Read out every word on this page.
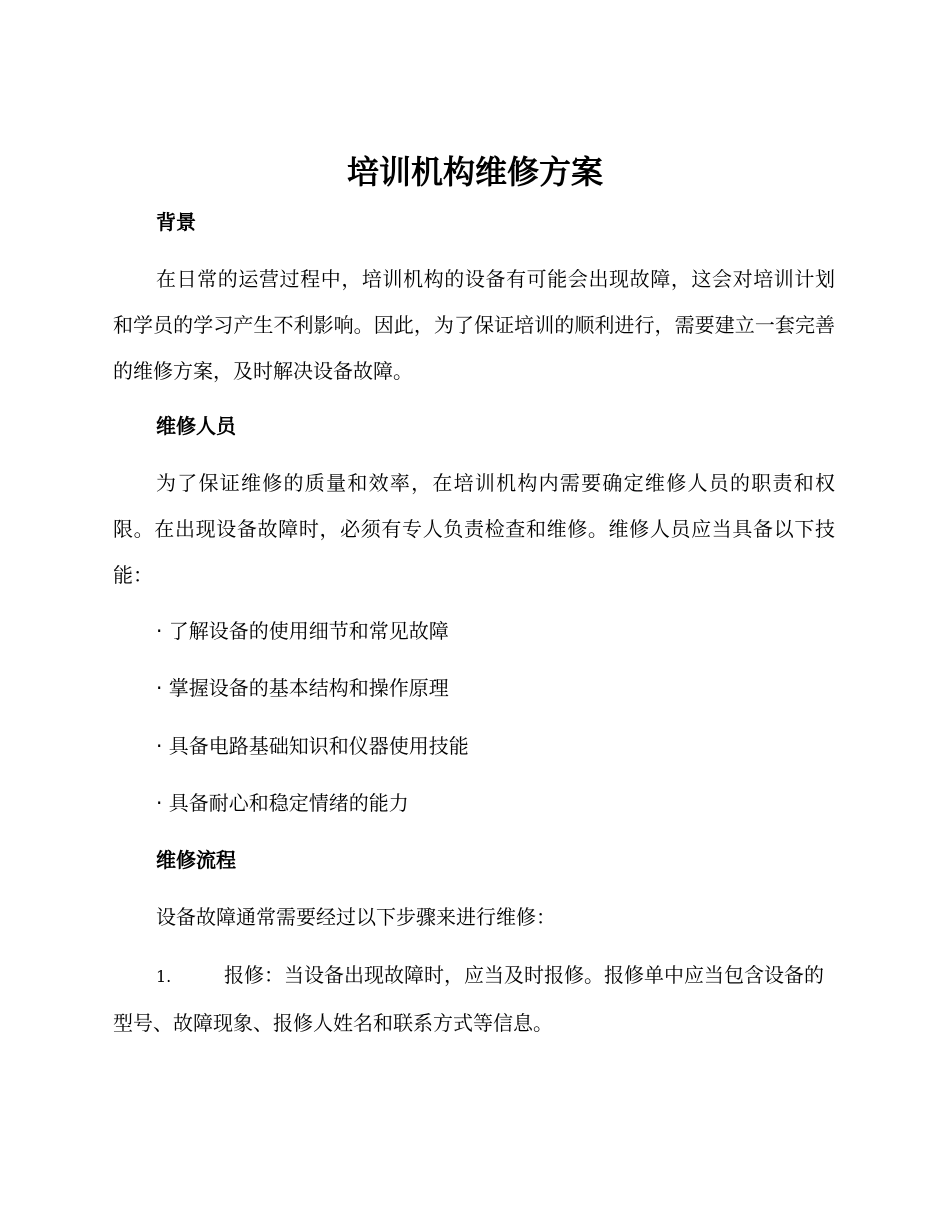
培训机构维修方案
背景
在日常的运营过程中，培训机构的设备有可能会出现故障，这会对培训计划和学员的学习产生不利影响。因此，为了保证培训的顺利进行，需要建立一套完善的维修方案，及时解决设备故障。
维修人员
为了保证维修的质量和效率，在培训机构内需要确定维修人员的职责和权限。在出现设备故障时，必须有专人负责检查和维修。维修人员应当具备以下技能：
· 了解设备的使用细节和常见故障
· 掌握设备的基本结构和操作原理
· 具备电路基础知识和仪器使用技能
· 具备耐心和稳定情绪的能力
维修流程
设备故障通常需要经过以下步骤来进行维修：
1.	报修：当设备出现故障时，应当及时报修。报修单中应当包含设备的型号、故障现象、报修人姓名和联系方式等信息。
